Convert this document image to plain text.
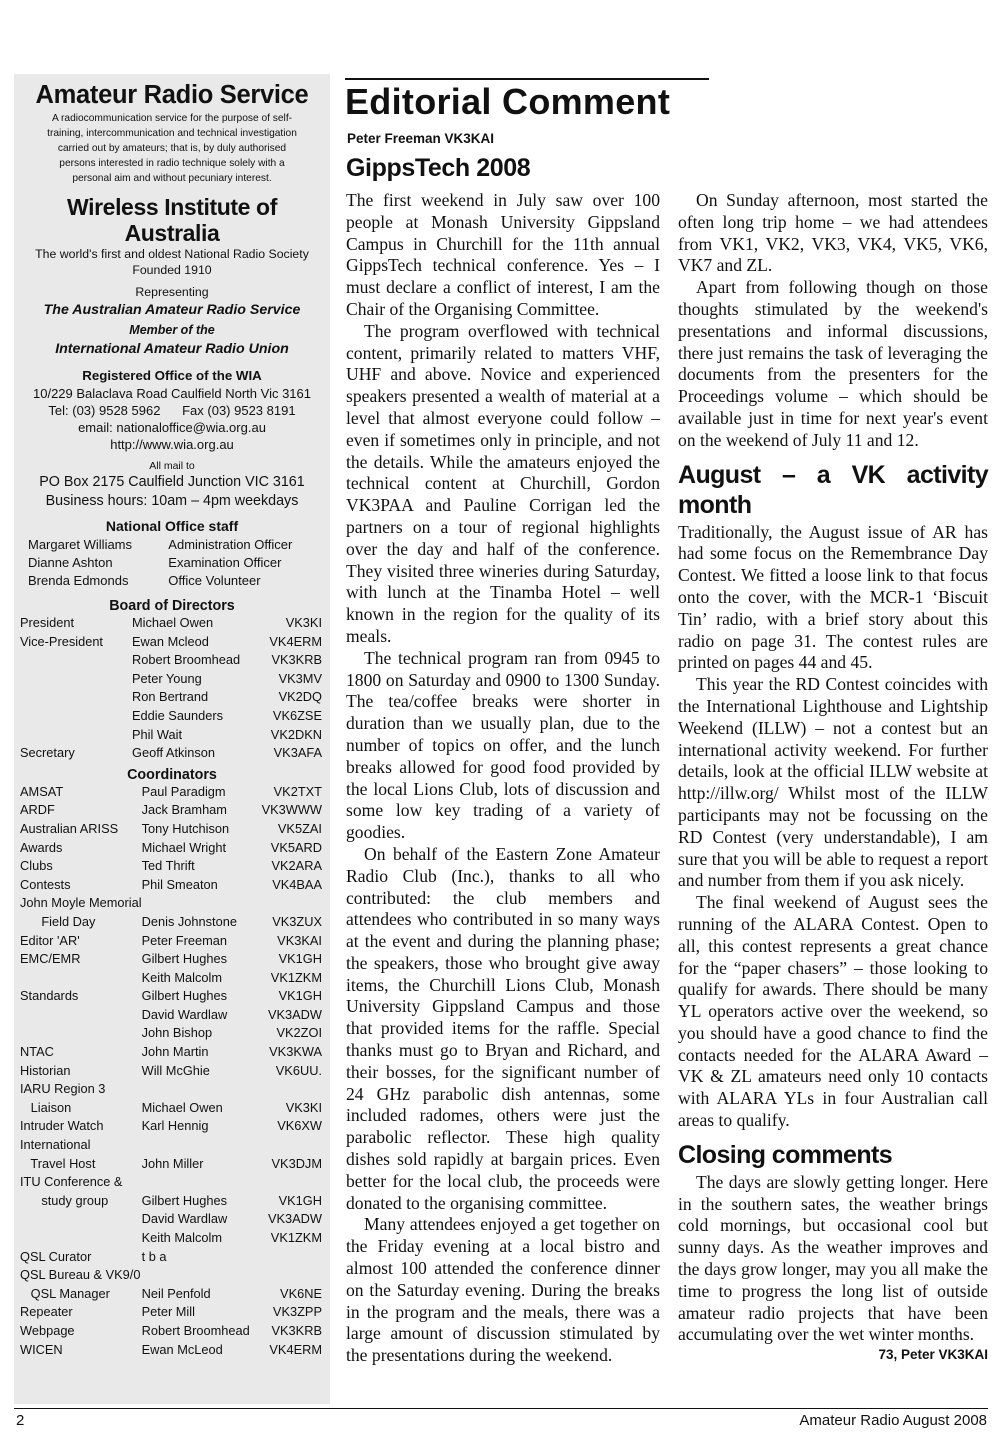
Amateur Radio Service
A radiocommunication service for the purpose of self-
training, intercommunication and technical investigation
carried out by amateurs; that is, by duly authorised
persons interested in radio technique solely with a
personal aim and without pecuniary interest.
Wireless Institute of Australia
The world's first and oldest National Radio Society
Founded 1910
Representing
The Australian Amateur Radio Service
Member of the
International Amateur Radio Union
Registered Office of the WIA
10/229 Balaclava Road Caulfield North Vic 3161
Tel: (03) 9528 5962      Fax (03) 9523 8191
email: nationaloffice@wia.org.au
http://www.wia.org.au
All mail to
PO Box 2175 Caulfield Junction VIC 3161
Business hours: 10am – 4pm weekdays
National Office staff
Margaret Williams	Administration Officer
Dianne Ashton	Examination Officer
Brenda Edmonds	Office Volunteer
Board of Directors
President	Michael Owen	VK3KI
Vice-President	Ewan Mcleod	VK4ERM
	Robert Broomhead	VK3KRB
	Peter Young	VK3MV
	Ron Bertrand	VK2DQ
	Eddie Saunders	VK6ZSE
	Phil Wait	VK2DKN
Secretary	Geoff Atkinson	VK3AFA
Coordinators
AMSAT	Paul Paradigm	VK2TXT
ARDF	Jack Bramham	VK3WWW
Australian ARISS	Tony Hutchison	VK5ZAI
Awards	Michael Wright	VK5ARD
Clubs	Ted Thrift	VK2ARA
Contests	Phil Smeaton	VK4BAA
John Moyle Memorial		
Field Day	Denis Johnstone	VK3ZUX
Editor 'AR'	Peter Freeman	VK3KAI
EMC/EMR	Gilbert Hughes	VK1GH
	Keith Malcolm	VK1ZKM
Standards	Gilbert Hughes	VK1GH
	David Wardlaw	VK3ADW
	John Bishop	VK2ZOI
NTAC	John Martin	VK3KWA
Historian	Will McGhie	VK6UU.
IARU Region 3		
Liaison	Michael Owen	VK3KI
Intruder Watch	Karl Hennig	VK6XW
International		
Travel Host	John Miller	VK3DJM
ITU Conference &		
study group	Gilbert Hughes	VK1GH
	David Wardlaw	VK3ADW
	Keith Malcolm	VK1ZKM
QSL Curator	t b a	
QSL Bureau & VK9/0		
QSL Manager	Neil Penfold	VK6NE
Repeater	Peter Mill	VK3ZPP
Webpage	Robert Broomhead	VK3KRB
WICEN	Ewan McLeod	VK4ERM
Editorial Comment
Peter Freeman VK3KAI
GippsTech 2008

The first weekend in July saw over 100 people at Monash University Gippsland Campus in Churchill for the 11th annual GippsTech technical conference. Yes – I must declare a conflict of interest, I am the Chair of the Organising Committee.

The program overflowed with technical content, primarily related to matters VHF, UHF and above. Novice and experienced speakers presented a wealth of material at a level that almost everyone could follow – even if sometimes only in principle, and not the details. While the amateurs enjoyed the technical content at Churchill, Gordon VK3PAA and Pauline Corrigan led the partners on a tour of regional highlights over the day and half of the conference. They visited three wineries during Saturday, with lunch at the Tinamba Hotel – well known in the region for the quality of its meals.

The technical program ran from 0945 to 1800 on Saturday and 0900 to 1300 Sunday. The tea/coffee breaks were shorter in duration than we usually plan, due to the number of topics on offer, and the lunch breaks allowed for good food provided by the local Lions Club, lots of discussion and some low key trading of a variety of goodies.

On behalf of the Eastern Zone Amateur Radio Club (Inc.), thanks to all who contributed: the club members and attendees who contributed in so many ways at the event and during the planning phase; the speakers, those who brought give away items, the Churchill Lions Club, Monash University Gippsland Campus and those that provided items for the raffle. Special thanks must go to Bryan and Richard, and their bosses, for the significant number of 24 GHz parabolic dish antennas, some included radomes, others were just the parabolic reflector. These high quality dishes sold rapidly at bargain prices. Even better for the local club, the proceeds were donated to the organising committee.

Many attendees enjoyed a get together on the Friday evening at a local bistro and almost 100 attended the conference dinner on the Saturday evening. During the breaks in the program and the meals, there was a large amount of discussion stimulated by the presentations during the weekend.

On Sunday afternoon, most started the often long trip home – we had attendees from VK1, VK2, VK3, VK4, VK5, VK6, VK7 and ZL.

Apart from following though on those thoughts stimulated by the weekend's presentations and informal discussions, there just remains the task of leveraging the documents from the presenters for the Proceedings volume – which should be available just in time for next year's event on the weekend of July 11 and 12.

August – a VK activity month

Traditionally, the August issue of AR has had some focus on the Remembrance Day Contest. We fitted a loose link to that focus onto the cover, with the MCR-1 ‘Biscuit Tin’ radio, with a brief story about this radio on page 31. The contest rules are printed on pages 44 and 45.

This year the RD Contest coincides with the International Lighthouse and Lightship Weekend (ILLW) – not a contest but an international activity weekend. For further details, look at the official ILLW website at http://illw.org/ Whilst most of the ILLW participants may not be focussing on the RD Contest (very understandable), I am sure that you will be able to request a report and number from them if you ask nicely.

The final weekend of August sees the running of the ALARA Contest. Open to all, this contest represents a great chance for the “paper chasers” – those looking to qualify for awards. There should be many YL operators active over the weekend, so you should have a good chance to find the contacts needed for the ALARA Award – VK & ZL amateurs need only 10 contacts with ALARA YLs in four Australian call areas to qualify.

Closing comments

The days are slowly getting longer. Here in the southern sates, the weather brings cold mornings, but occasional cool but sunny days. As the weather improves and the days grow longer, may you all make the time to progress the long list of outside amateur radio projects that have been accumulating over the wet winter months.

73, Peter VK3KAI
2	Amateur Radio August 2008
